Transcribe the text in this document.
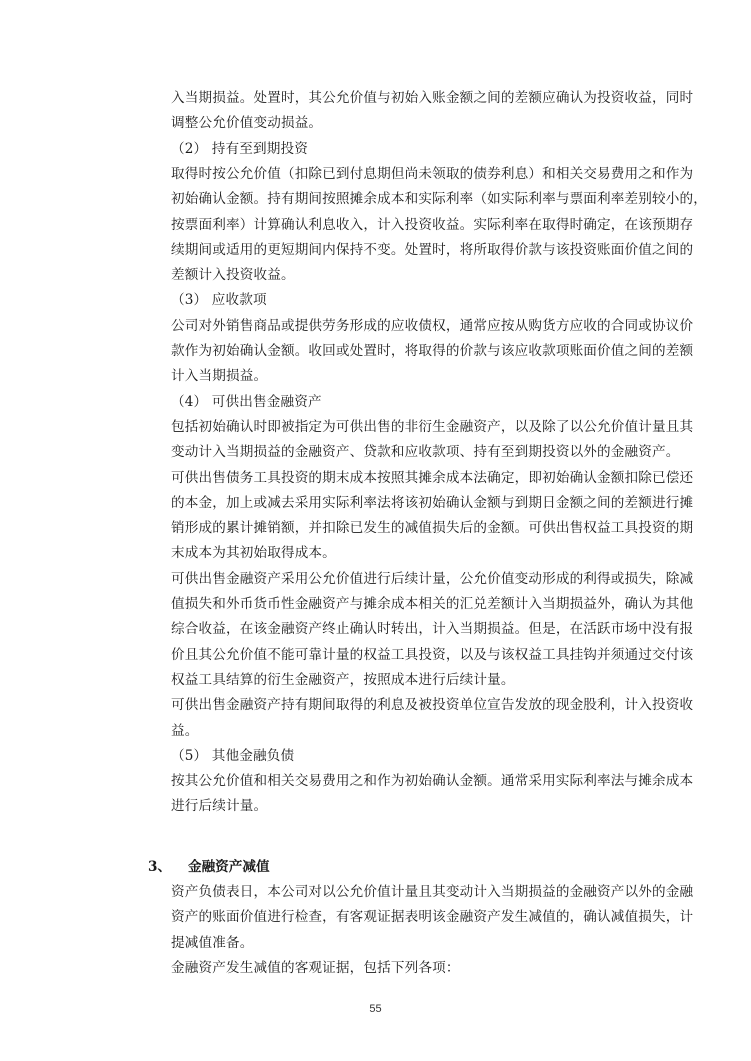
入当期损益。处置时，其公允价值与初始入账金额之间的差额应确认为投资收益，同时
调整公允价值变动损益。
（2） 持有至到期投资
取得时按公允价值（扣除已到付息期但尚未领取的债券利息）和相关交易费用之和作为
初始确认金额。持有期间按照摊余成本和实际利率（如实际利率与票面利率差别较小的，
按票面利率）计算确认利息收入，计入投资收益。实际利率在取得时确定，在该预期存
续期间或适用的更短期间内保持不变。处置时，将所取得价款与该投资账面价值之间的
差额计入投资收益。
（3） 应收款项
公司对外销售商品或提供劳务形成的应收债权，通常应按从购货方应收的合同或协议价
款作为初始确认金额。收回或处置时，将取得的价款与该应收款项账面价值之间的差额
计入当期损益。
（4） 可供出售金融资产
包括初始确认时即被指定为可供出售的非衍生金融资产，以及除了以公允价值计量且其
变动计入当期损益的金融资产、贷款和应收款项、持有至到期投资以外的金融资产。
可供出售债务工具投资的期末成本按照其摊余成本法确定，即初始确认金额扣除已偿还
的本金，加上或减去采用实际利率法将该初始确认金额与到期日金额之间的差额进行摊
销形成的累计摊销额，并扣除已发生的减值损失后的金额。可供出售权益工具投资的期
末成本为其初始取得成本。
可供出售金融资产采用公允价值进行后续计量，公允价值变动形成的利得或损失，除减
值损失和外币货币性金融资产与摊余成本相关的汇兑差额计入当期损益外，确认为其他
综合收益，在该金融资产终止确认时转出，计入当期损益。但是，在活跃市场中没有报
价且其公允价值不能可靠计量的权益工具投资，以及与该权益工具挂钩并须通过交付该
权益工具结算的衍生金融资产，按照成本进行后续计量。
可供出售金融资产持有期间取得的利息及被投资单位宣告发放的现金股利，计入投资收
益。
（5） 其他金融负债
按其公允价值和相关交易费用之和作为初始确认金额。通常采用实际利率法与摊余成本
进行后续计量。
3、 金融资产减值
资产负债表日，本公司对以公允价值计量且其变动计入当期损益的金融资产以外的金融
资产的账面价值进行检查，有客观证据表明该金融资产发生减值的，确认减值损失，计
提减值准备。
金融资产发生减值的客观证据，包括下列各项：
55
